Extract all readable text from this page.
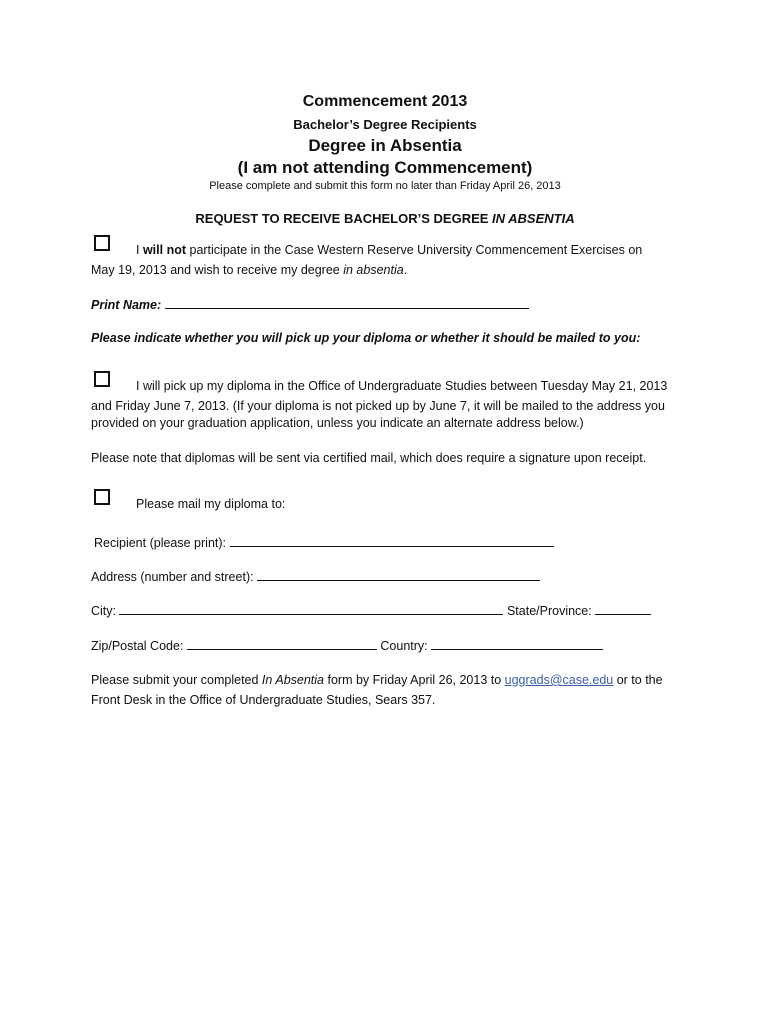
Commencement 2013
Bachelor’s Degree Recipients
Degree in Absentia
(I am not attending Commencement)
Please complete and submit this form no later than Friday April 26, 2013
REQUEST TO RECEIVE BACHELOR’S DEGREE IN ABSENTIA
I will not participate in the Case Western Reserve University Commencement Exercises on
May 19, 2013 and wish to receive my degree in absentia.
Print Name:
Please indicate whether you will pick up your diploma or whether it should be mailed to you:
I will pick up my diploma in the Office of Undergraduate Studies between Tuesday May 21, 2013
and Friday June 7, 2013. (If your diploma is not picked up by June 7, it will be mailed to the address you
provided on your graduation application, unless you indicate an alternate address below.)
Please note that diplomas will be sent via certified mail, which does require a signature upon receipt.
Please mail my diploma to:
Recipient (please print):
Address (number and street):
City:	State/Province:
Zip/Postal Code:	Country:
Please submit your completed In Absentia form by Friday April 26, 2013 to uggrads@case.edu or to the
Front Desk in the Office of Undergraduate Studies, Sears 357.
